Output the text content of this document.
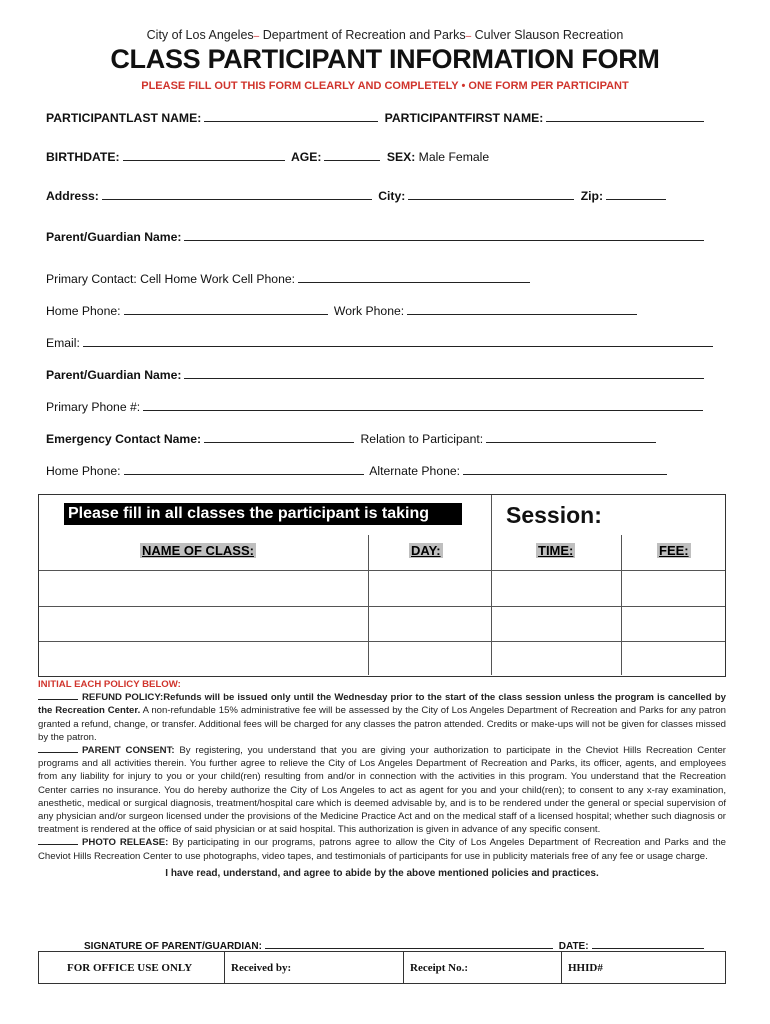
City of Los Angeles– Department of Recreation and Parks– Culver Slauson Recreation
CLASS PARTICIPANT INFORMATION FORM
PLEASE FILL OUT THIS FORM CLEARLY AND COMPLETELY • ONE FORM PER PARTICIPANT
PARTICIPANTLAST NAME:	PARTICIPANTFIRST NAME:
BIRTHDATE:	AGE:	SEX: Male Female
Address:	City:	Zip:
Parent/Guardian Name:
Primary Contact: Cell Home Work Cell Phone:
Home Phone:	Work Phone:
Email:
Parent/Guardian Name:
Primary Phone #:
Emergency Contact Name:	Relation to Participant:
Home Phone:	Alternate Phone:
Please fill in all classes the participant is taking	Session:
NAME OF CLASS:	DAY:	TIME:	FEE:
INITIAL EACH POLICY BELOW:
REFUND POLICY:Refunds will be issued only until the Wednesday prior to the start of the class session unless the program is cancelled by the Recreation Center. A non-refundable 15% administrative fee will be assessed by the City of Los Angeles Department of Recreation and Parks for any patron granted a refund, change, or transfer. Additional fees will be charged for any classes the patron attended. Credits or make-ups will not be given for classes missed by the patron.
PARENT CONSENT: By registering, you understand that you are giving your authorization to participate in the Cheviot Hills Recreation Center programs and all activities therein. You further agree to relieve the City of Los Angeles Department of Recreation and Parks, its officer, agents, and employees from any liability for injury to you or your child(ren) resulting from and/or in connection with the activities in this program. You understand that the Recreation Center carries no insurance. You do hereby authorize the City of Los Angeles to act as agent for you and your child(ren); to consent to any x-ray examination, anesthetic, medical or surgical diagnosis, treatment/hospital care which is deemed advisable by, and is to be rendered under the general or special supervision of any physician and/or surgeon licensed under the provisions of the Medicine Practice Act and on the medical staff of a licensed hospital; whether such diagnosis or treatment is rendered at the office of said physician or at said hospital. This authorization is given in advance of any specific consent.
PHOTO RELEASE: By participating in our programs, patrons agree to allow the City of Los Angeles Department of Recreation and Parks and the Cheviot Hills Recreation Center to use photographs, video tapes, and testimonials of participants for use in publicity materials free of any fee or usage charge.
I have read, understand, and agree to abide by the above mentioned policies and practices.
SIGNATURE OF PARENT/GUARDIAN:	DATE:
FOR OFFICE USE ONLY	Received by:	Receipt No.:	HHID#
